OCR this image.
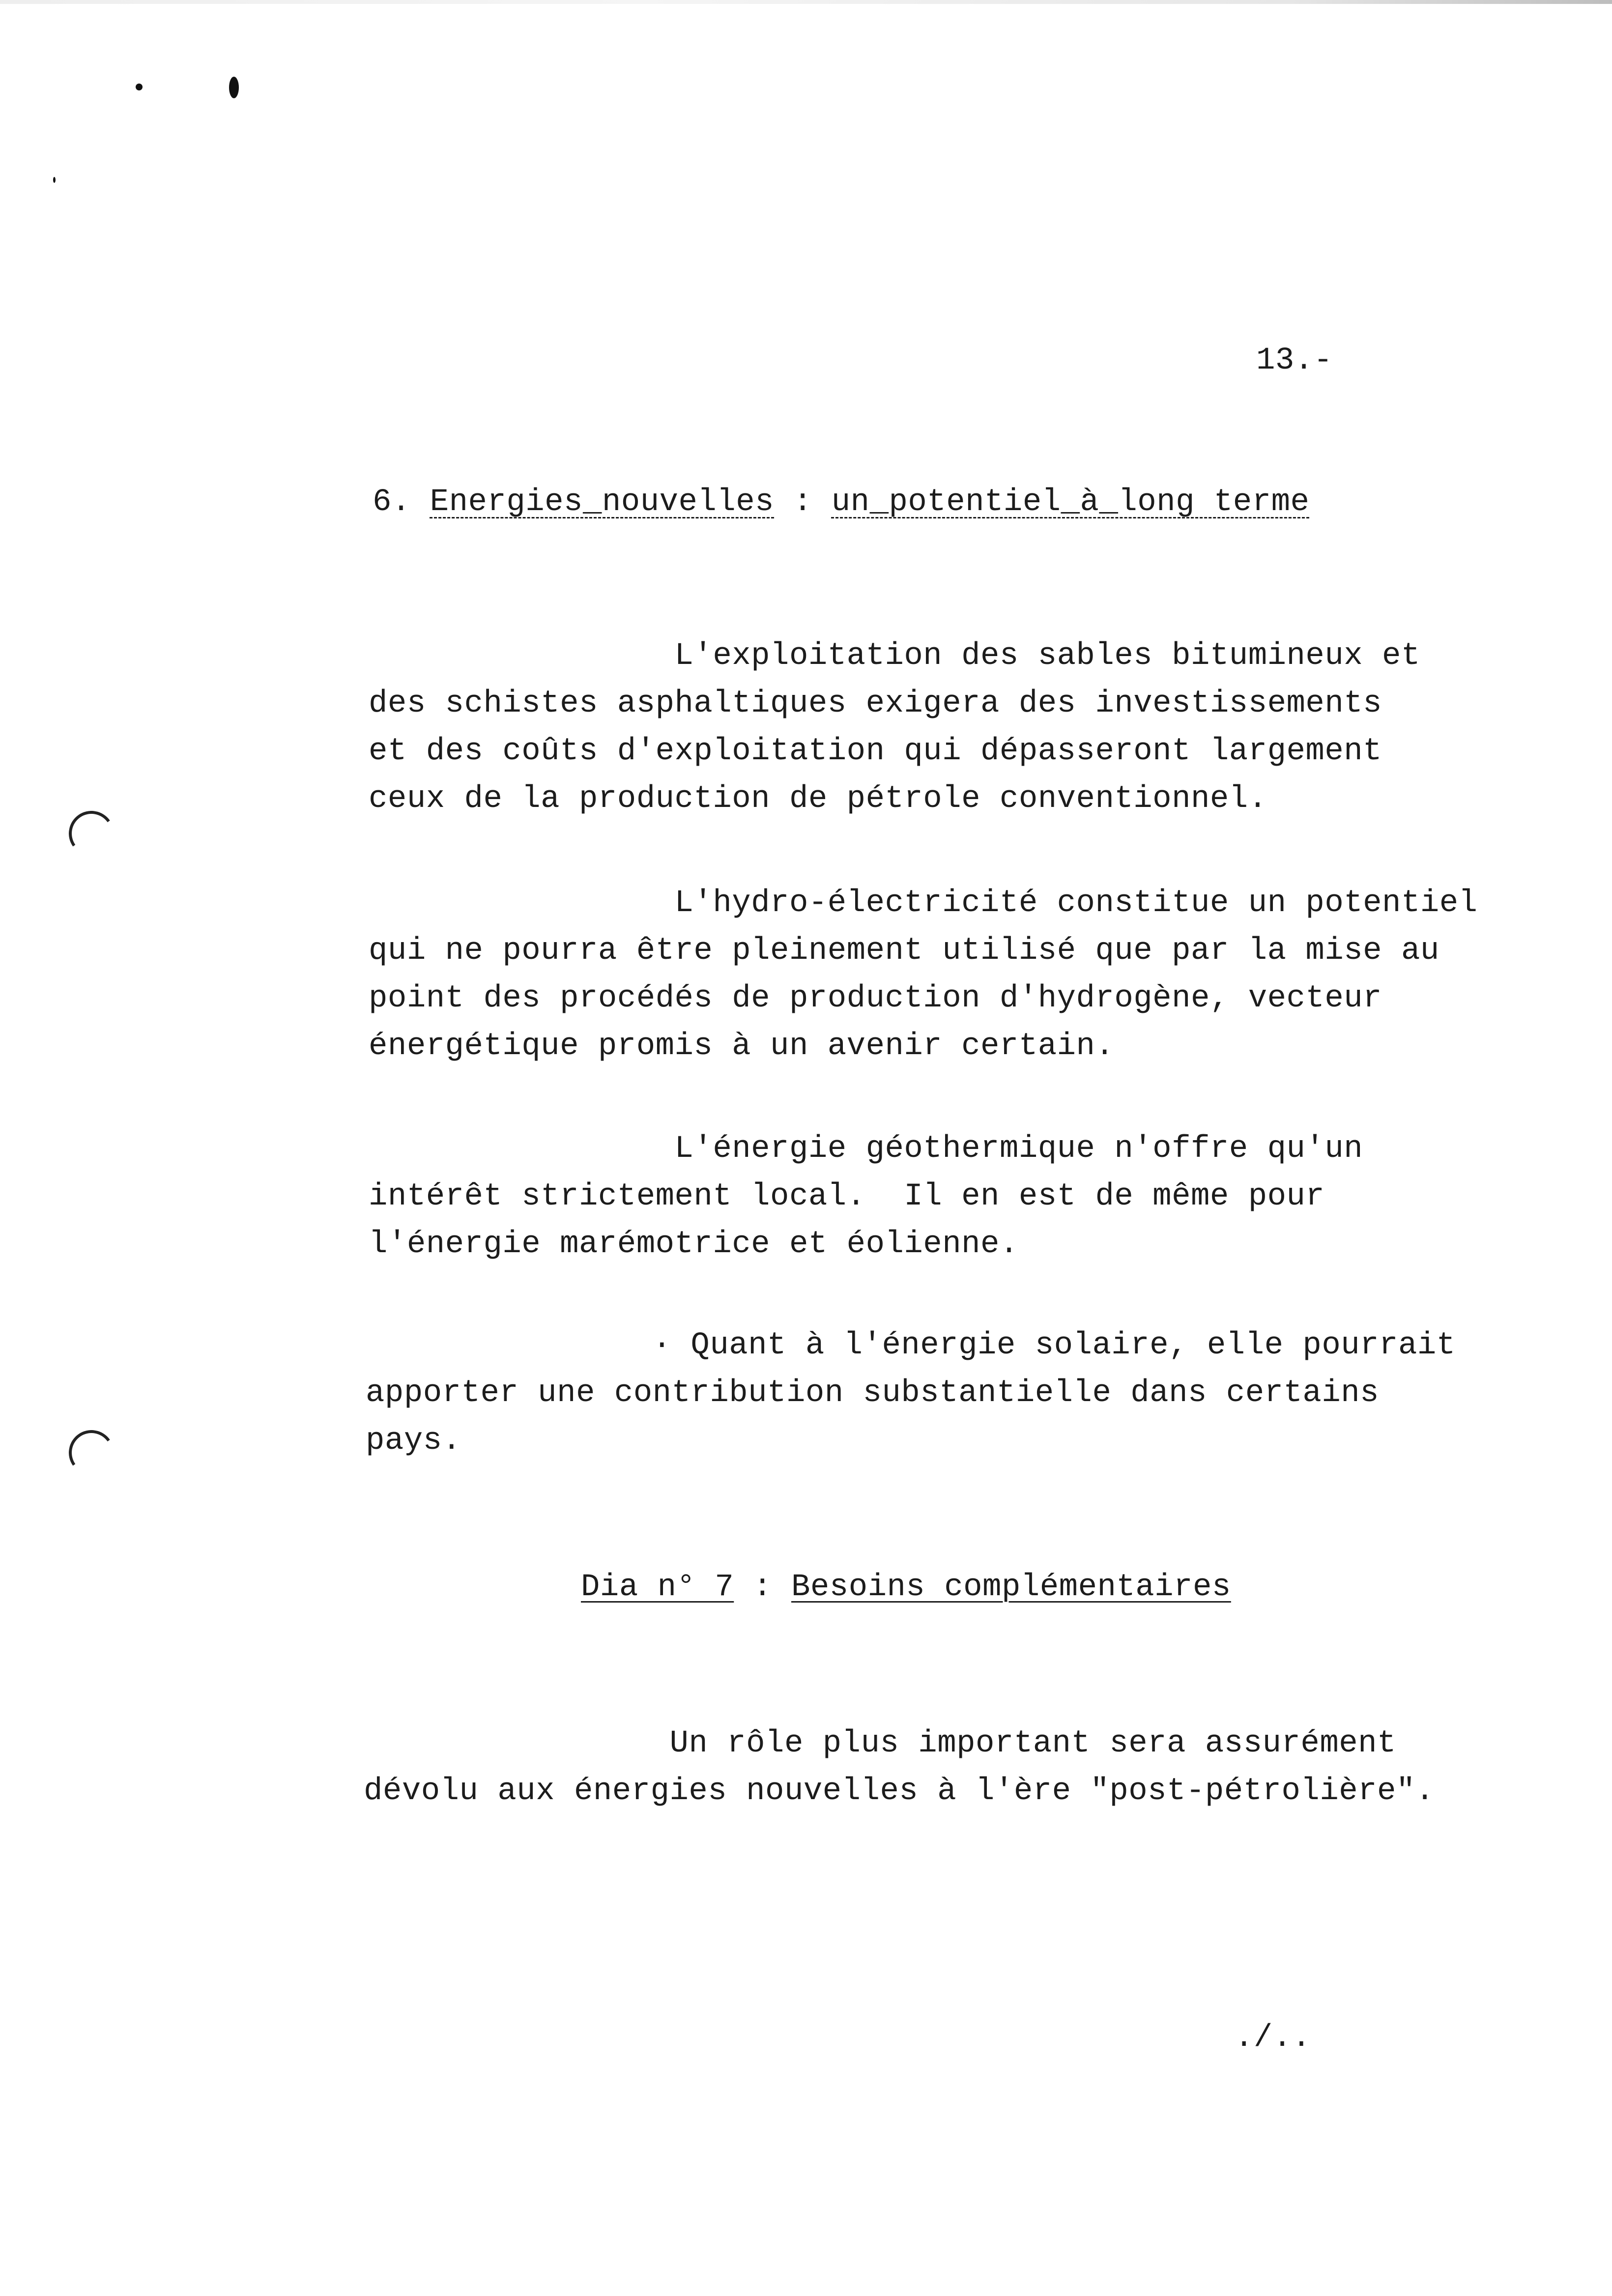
13.-
6. Energies_nouvelles : un_potentiel_à_long terme
L'exploitation des sables bitumineux et
des schistes asphaltiques exigera des investissements
et des coûts d'exploitation qui dépasseront largement
ceux de la production de pétrole conventionnel.
L'hydro-électricité constitue un potentiel
qui ne pourra être pleinement utilisé que par la mise au
point des procédés de production d'hydrogène, vecteur
énergétique promis à un avenir certain.
L'énergie géothermique n'offre qu'un
intérêt strictement local.  Il en est de même pour
l'énergie marémotrice et éolienne.
· Quant à l'énergie solaire, elle pourrait
apporter une contribution substantielle dans certains
pays.
Dia n° 7 : Besoins complémentaires
Un rôle plus important sera assurément
dévolu aux énergies nouvelles à l'ère "post-pétrolière".
./..
